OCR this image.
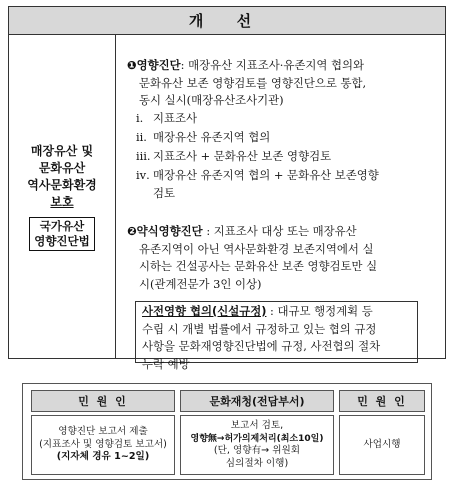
개 선
매장유산 및
문화유산
역사문화환경
보호
국가유산
영향진단법
❶영향진단: 매장유산 지표조사·유존지역 협의와
문화유산 보존 영향검토를 영향진단으로 통합,
동시 실시(매장유산조사기관)
ⅰ. 지표조사
ⅱ. 매장유산 유존지역 협의
ⅲ. 지표조사 + 문화유산 보존 영향검토
ⅳ. 매장유산 유존지역 협의 + 문화유산 보존영향
검토
❷약식영향진단 : 지표조사 대상 또는 매장유산
유존지역이 아닌 역사문화환경 보존지역에서 실
시하는 건설공사는 문화유산 보존 영향검토만 실
시(관계전문가 3인 이상)
사전영향 협의(신설규정) : 대규모 행정계획 등
수립 시 개별 법률에서 규정하고 있는 협의 규정
사항을 문화재영향진단법에 규정, 사전협의 절차
누락 예방
민 원 인	문화재청(전담부서)	민 원 인
영향진단 보고서 제출
(지표조사 및 영향검토 보고서)
(지자체 경유 1~2일)
보고서 검토,
영향無→허가의제처리(최소10일)
(단, 영향有→ 위원회
심의절차 이행)
사업시행
